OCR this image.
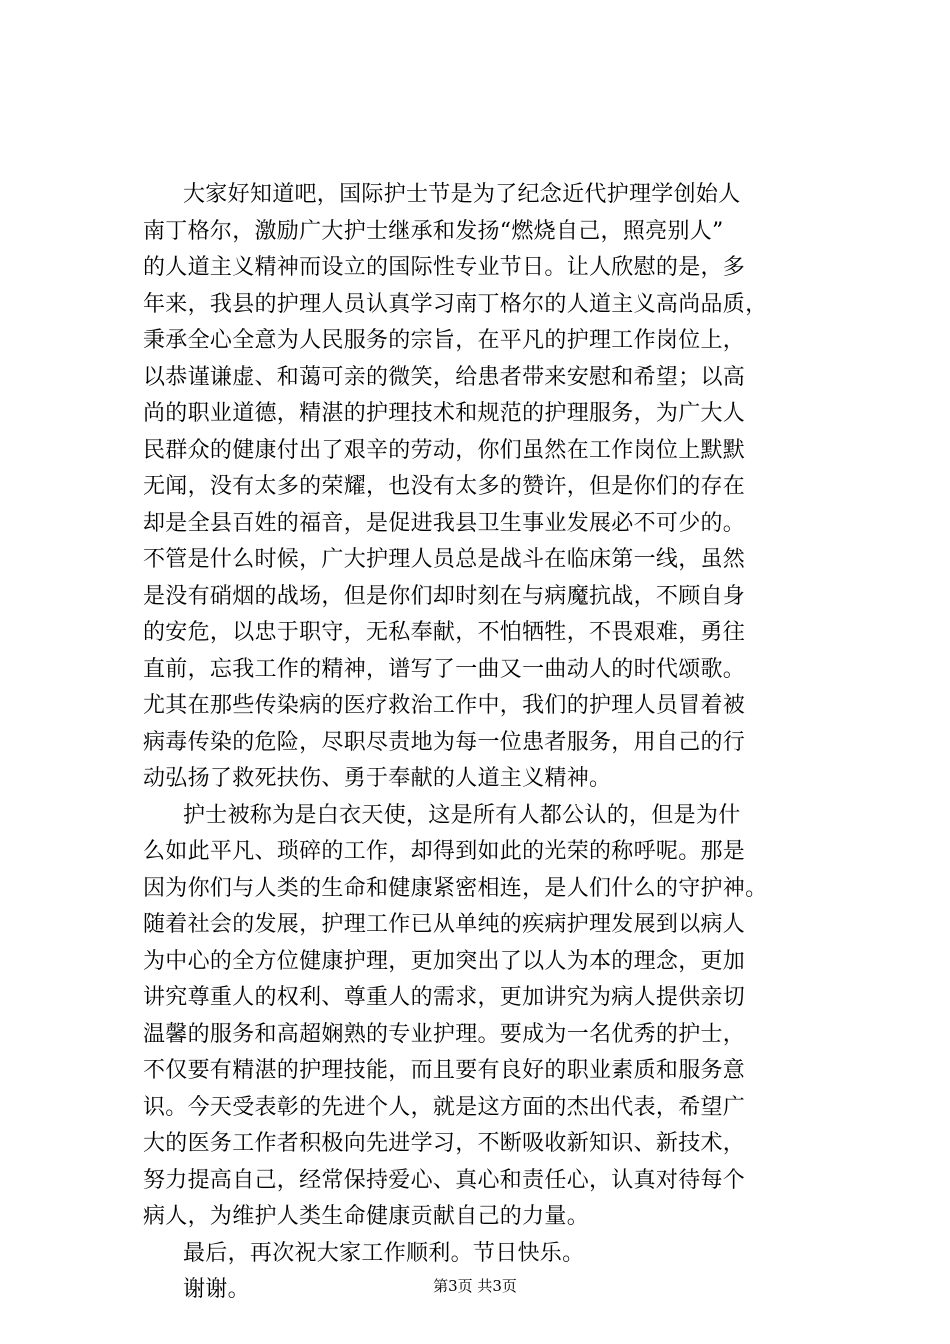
大家好知道吧，国际护士节是为了纪念近代护理学创始人
南丁格尔，激励广大护士继承和发扬“燃烧自己，照亮别人”
的人道主义精神而设立的国际性专业节日。让人欣慰的是，多
年来，我县的护理人员认真学习南丁格尔的人道主义高尚品质，
秉承全心全意为人民服务的宗旨，在平凡的护理工作岗位上，
以恭谨谦虚、和蔼可亲的微笑，给患者带来安慰和希望；以高
尚的职业道德，精湛的护理技术和规范的护理服务，为广大人
民群众的健康付出了艰辛的劳动，你们虽然在工作岗位上默默
无闻，没有太多的荣耀，也没有太多的赞许，但是你们的存在
却是全县百姓的福音，是促进我县卫生事业发展必不可少的。
不管是什么时候，广大护理人员总是战斗在临床第一线，虽然
是没有硝烟的战场，但是你们却时刻在与病魔抗战，不顾自身
的安危，以忠于职守，无私奉献，不怕牺牲，不畏艰难，勇往
直前，忘我工作的精神，谱写了一曲又一曲动人的时代颂歌。
尤其在那些传染病的医疗救治工作中，我们的护理人员冒着被
病毒传染的危险，尽职尽责地为每一位患者服务，用自己的行
动弘扬了救死扶伤、勇于奉献的人道主义精神。
护士被称为是白衣天使，这是所有人都公认的，但是为什
么如此平凡、琐碎的工作，却得到如此的光荣的称呼呢。那是
因为你们与人类的生命和健康紧密相连，是人们什么的守护神。
随着社会的发展，护理工作已从单纯的疾病护理发展到以病人
为中心的全方位健康护理，更加突出了以人为本的理念，更加
讲究尊重人的权利、尊重人的需求，更加讲究为病人提供亲切
温馨的服务和高超娴熟的专业护理。要成为一名优秀的护士，
不仅要有精湛的护理技能，而且要有良好的职业素质和服务意
识。今天受表彰的先进个人，就是这方面的杰出代表，希望广
大的医务工作者积极向先进学习，不断吸收新知识、新技术，
努力提高自己，经常保持爱心、真心和责任心，认真对待每个
病人，为维护人类生命健康贡献自己的力量。
最后，再次祝大家工作顺利。节日快乐。
谢谢。	第3页 共3页
